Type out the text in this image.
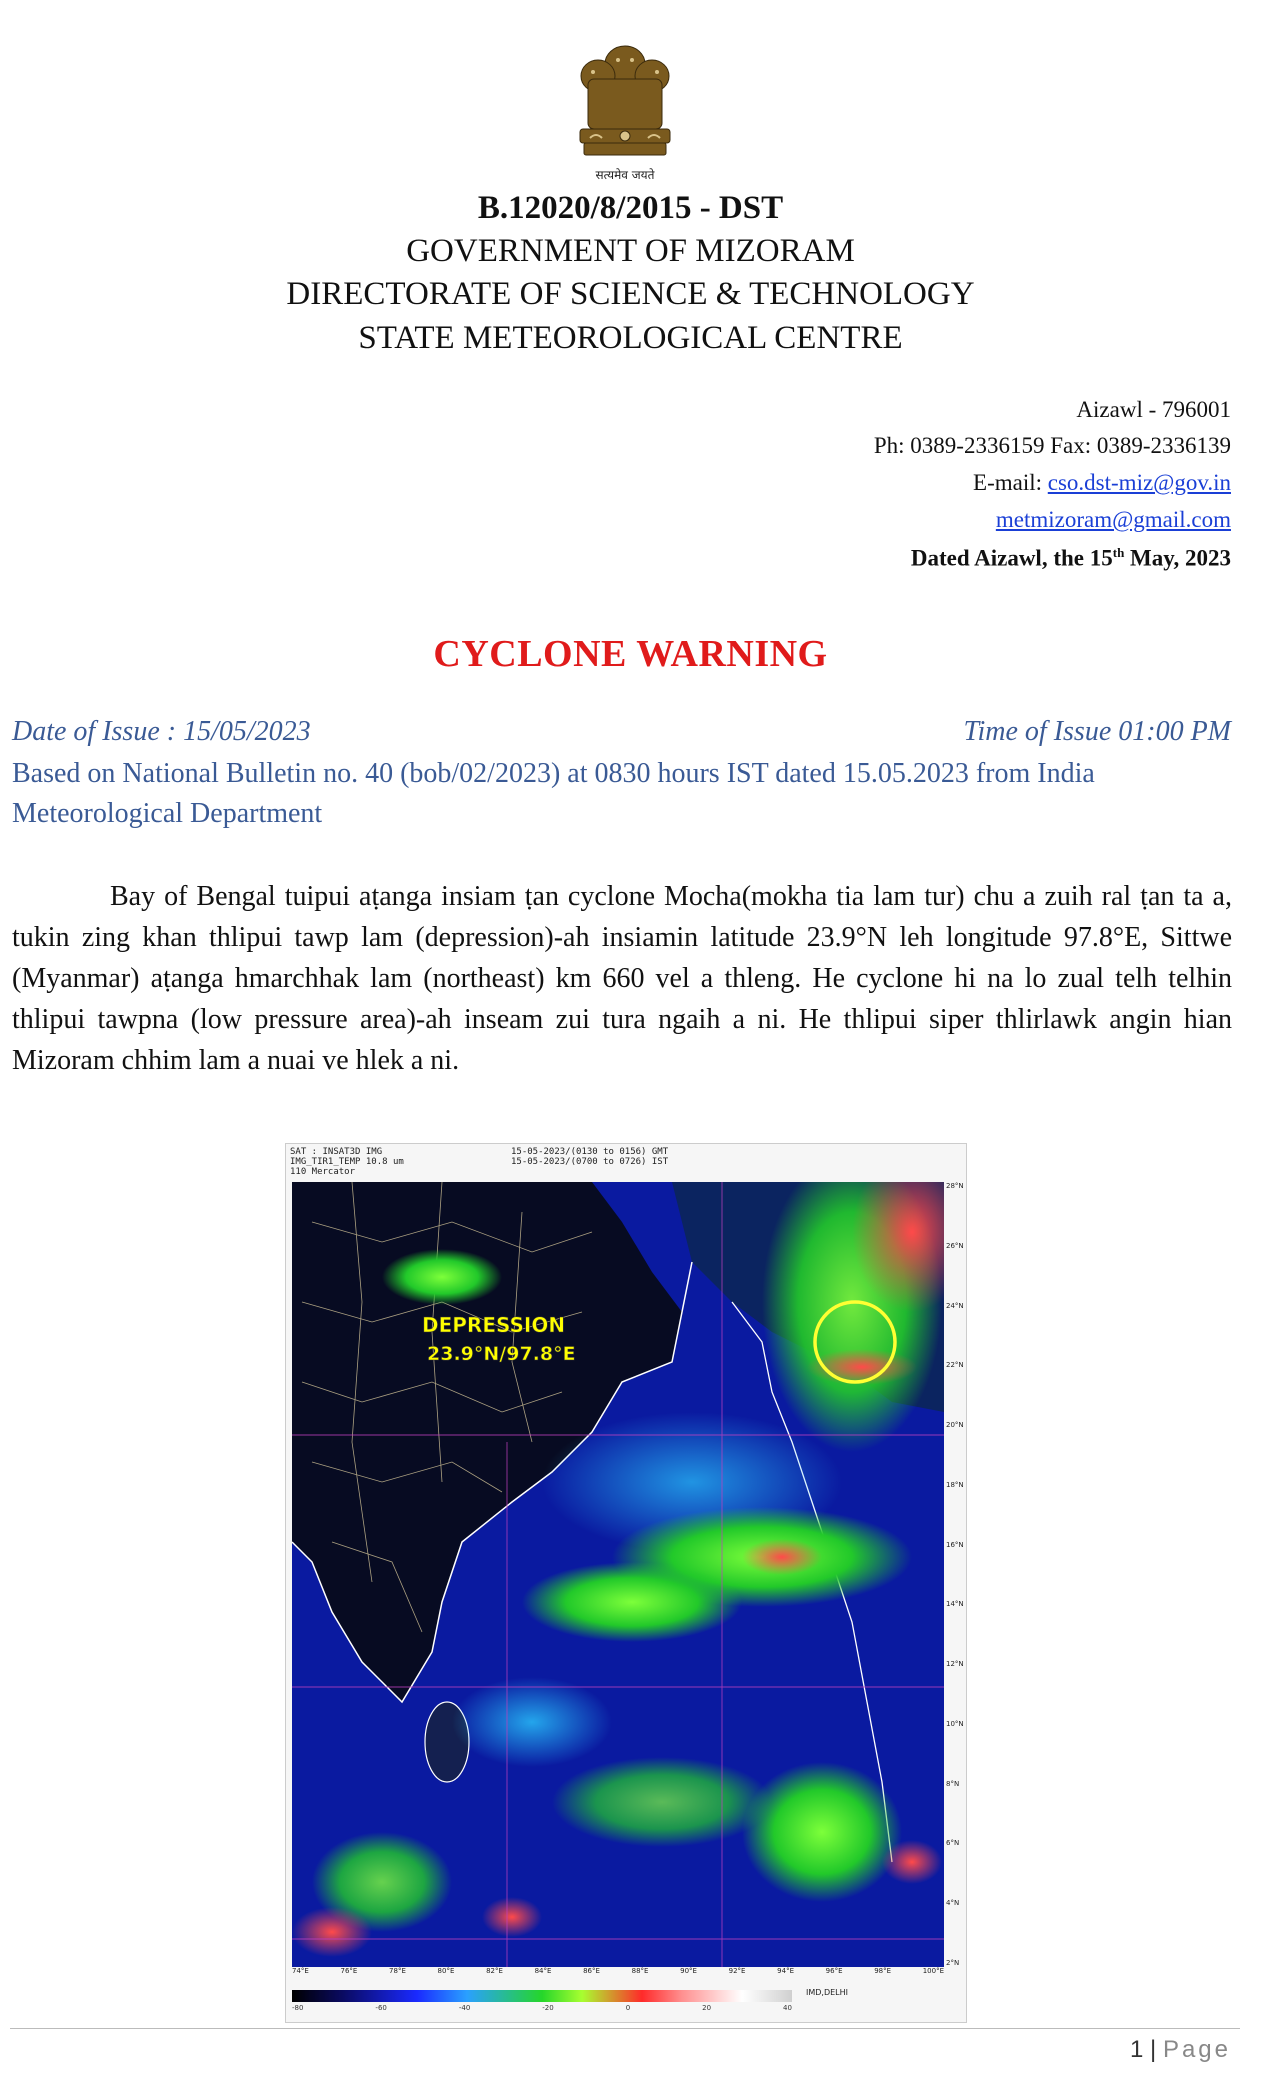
सत्यमेव जयते
B.12020/8/2015 - DST
GOVERNMENT OF MIZORAM
DIRECTORATE OF SCIENCE & TECHNOLOGY
STATE METEOROLOGICAL CENTRE
Aizawl - 796001
Ph: 0389-2336159 Fax: 0389-2336139
E-mail: cso.dst-miz@gov.in
metmizoram@gmail.com
Dated Aizawl, the 15th May, 2023
CYCLONE WARNING
Date of Issue : 15/05/2023	Time of Issue 01:00 PM
Based on National Bulletin no. 40 (bob/02/2023) at 0830 hours IST dated 15.05.2023 from India Meteorological Department
Bay of Bengal tuipui aṭanga insiam ṭan cyclone Mocha(mokha tia lam tur) chu a zuih ral ṭan ta a, tukin zing khan thlipui tawp lam (depression)-ah insiamin latitude 23.9°N leh longitude 97.8°E, Sittwe (Myanmar) aṭanga hmarchhak lam (northeast) km 660 vel a thleng. He cyclone hi na lo zual telh telhin thlipui tawpna (low pressure area)-ah inseam zui tura ngaih a ni. He thlipui siper thlirlawk angin hian Mizoram chhim lam a nuai ve hlek a ni.
SAT : INSAT3D IMG
IMG_TIR1_TEMP 10.8 um
110 Mercator
15-05-2023/(0130 to 0156) GMT
15-05-2023/(0700 to 0726) IST
DEPRESSION
23.9°N/97.8°E
74°E	76°E	78°E	80°E	82°E	84°E	86°E	88°E	90°E	92°E	94°E	96°E	98°E	100°E
28°N
26°N
24°N
22°N
20°N
18°N
16°N
14°N
12°N
10°N
8°N
6°N
4°N
2°N
-80	-60	-40	-20	0	20	40
IMD,DELHI
1 | Page
